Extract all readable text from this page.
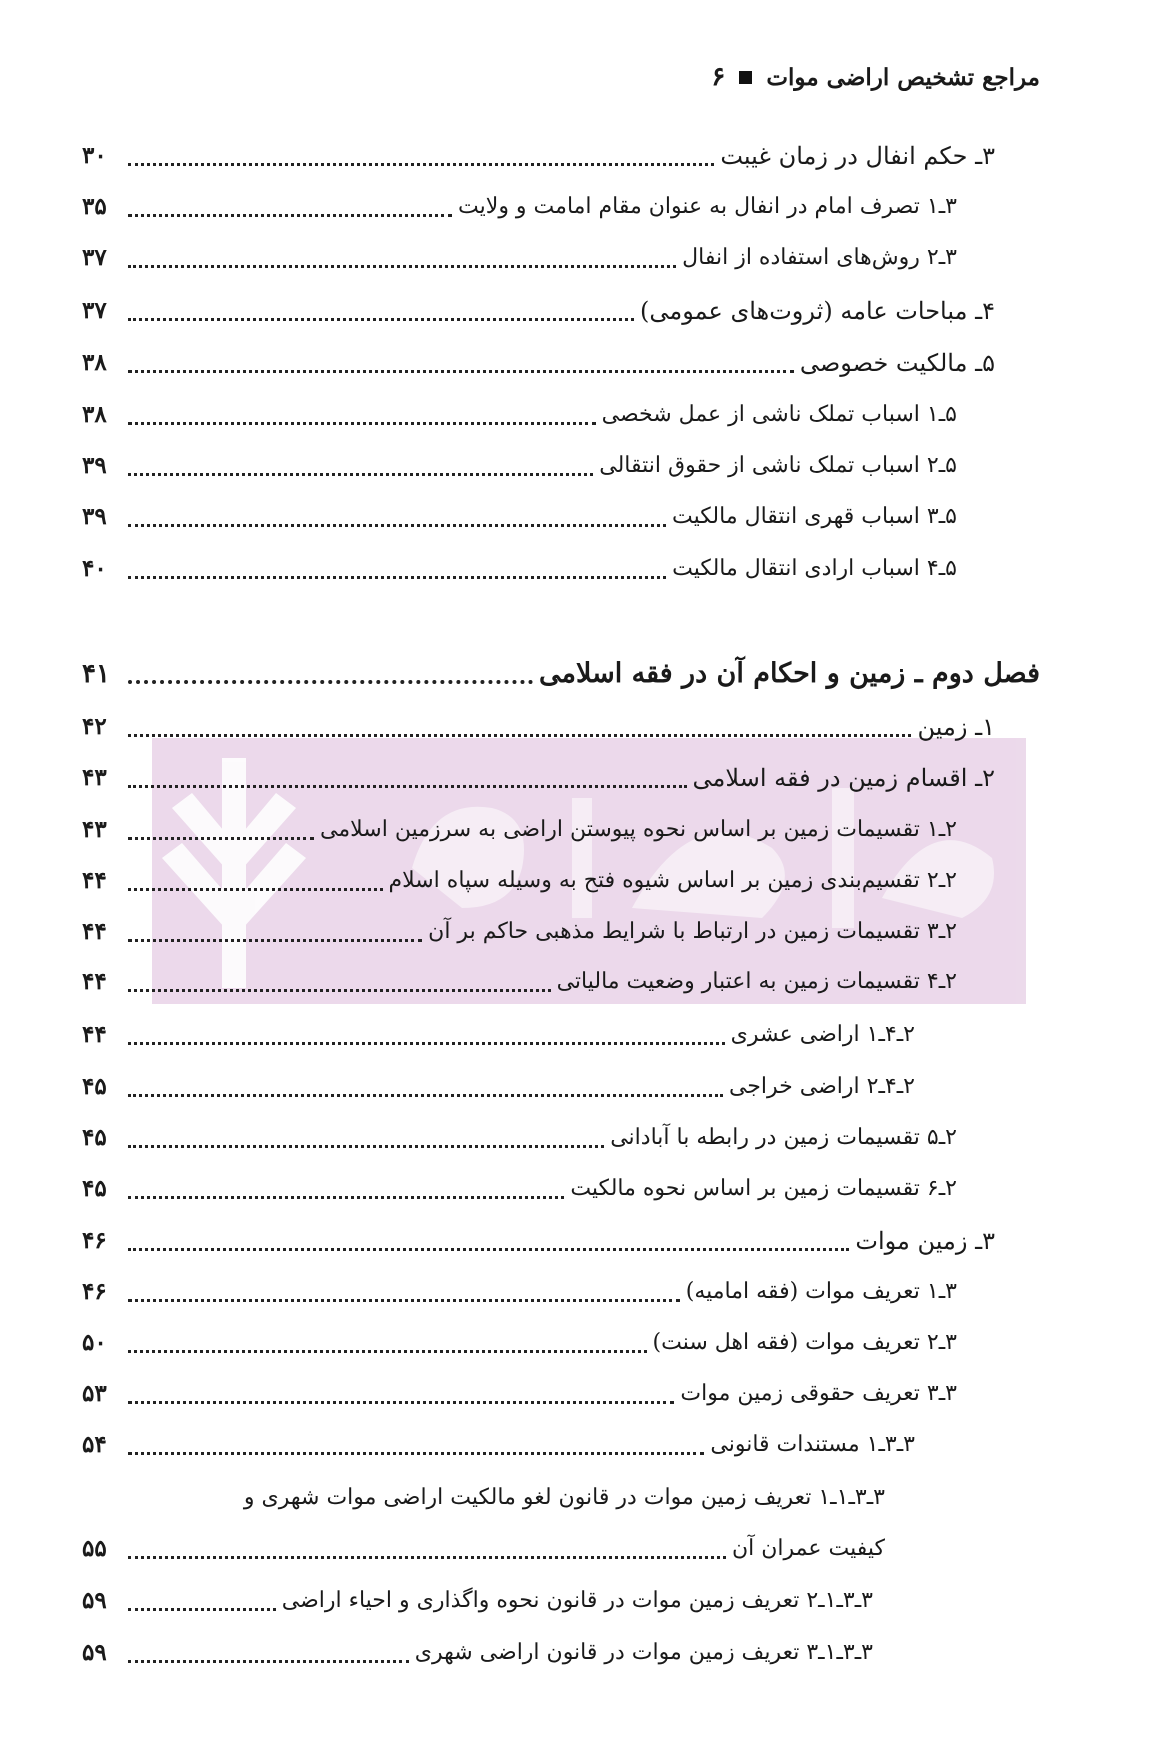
۶ مراجع تشخیص اراضی موات
۳۰	۳ـ حکم انفال در زمان غیبت
۳۵	۳ـ۱ تصرف امام در انفال به عنوان مقام امامت و ولایت
۳۷	۳ـ۲ روش‌های استفاده از انفال
۳۷	۴ـ مباحات عامه (ثروت‌های عمومی)
۳۸	۵ـ مالکیت خصوصی
۳۸	۵ـ۱ اسباب تملک ناشی از عمل شخصی
۳۹	۵ـ۲ اسباب تملک ناشی از حقوق انتقالی
۳۹	۵ـ۳ اسباب قهری انتقال مالکیت
۴۰	۵ـ۴ اسباب ارادی انتقال مالکیت
۴۱	فصل دوم ـ زمین و احکام آن در فقه اسلامی
۴۲	۱ـ زمین
۴۳	۲ـ اقسام زمین در فقه اسلامی
۴۳	۲ـ۱ تقسیمات زمین بر اساس نحوه پیوستن اراضی به سرزمین اسلامی
۴۴	۲ـ۲ تقسیم‌بندی زمین بر اساس شیوه فتح به وسیله سپاه اسلام
۴۴	۲ـ۳ تقسیمات زمین در ارتباط با شرایط مذهبی حاکم بر آن
۴۴	۲ـ۴ تقسیمات زمین به اعتبار وضعیت مالیاتی
۴۴	۲ـ۴ـ۱ اراضی عشری
۴۵	۲ـ۴ـ۲ اراضی خراجی
۴۵	۲ـ۵ تقسیمات زمین در رابطه با آبادانی
۴۵	۲ـ۶ تقسیمات زمین بر اساس نحوه مالکیت
۴۶	۳ـ زمین موات
۴۶	۳ـ۱ تعریف موات (فقه امامیه)
۵۰	۳ـ۲ تعریف موات (فقه اهل سنت)
۵۳	۳ـ۳ تعریف حقوقی زمین موات
۵۴	۳ـ۳ـ۱ مستندات قانونی
۳ـ۳ـ۱ـ۱ تعریف زمین موات در قانون لغو مالکیت اراضی موات شهری و
۵۵	کیفیت عمران آن
۵۹	۳ـ۳ـ۱ـ۲ تعریف زمین موات در قانون نحوه واگذاری و احیاء اراضی
۵۹	۳ـ۳ـ۱ـ۳ تعریف زمین موات در قانون اراضی شهری
